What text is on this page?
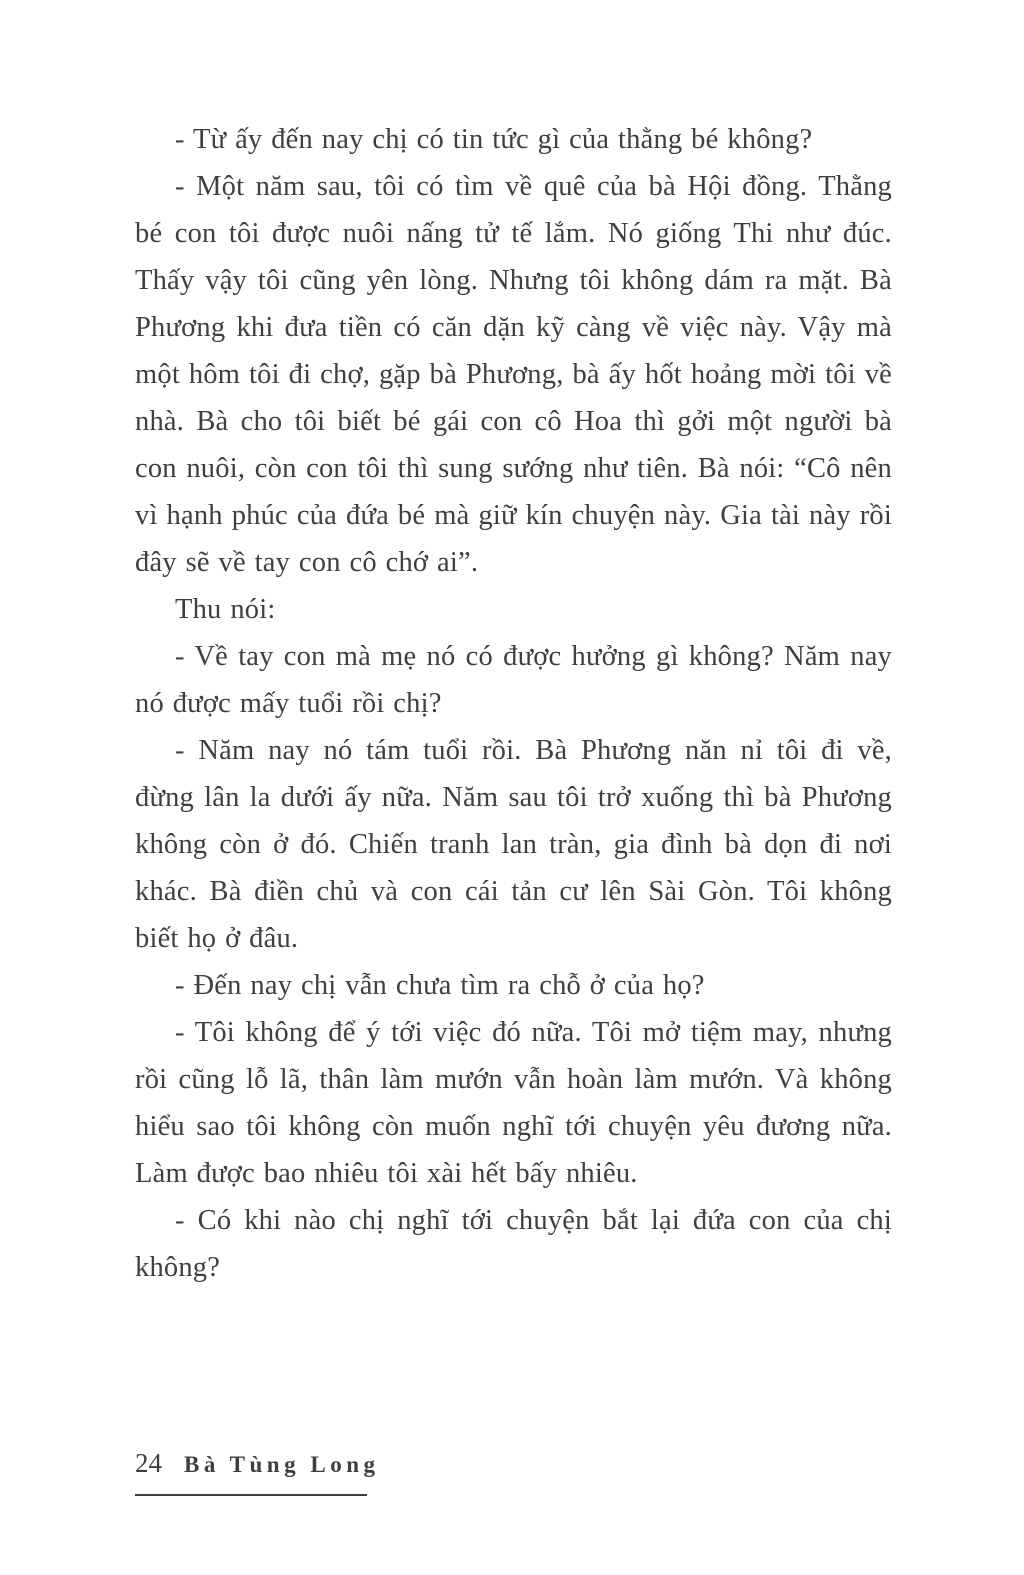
- Từ ấy đến nay chị có tin tức gì của thằng bé không?

- Một năm sau, tôi có tìm về quê của bà Hội đồng. Thằng bé con tôi được nuôi nấng tử tế lắm. Nó giống Thi như đúc. Thấy vậy tôi cũng yên lòng. Nhưng tôi không dám ra mặt. Bà Phương khi đưa tiền có căn dặn kỹ càng về việc này. Vậy mà một hôm tôi đi chợ, gặp bà Phương, bà ấy hốt hoảng mời tôi về nhà. Bà cho tôi biết bé gái con cô Hoa thì gởi một người bà con nuôi, còn con tôi thì sung sướng như tiên. Bà nói: “Cô nên vì hạnh phúc của đứa bé mà giữ kín chuyện này. Gia tài này rồi đây sẽ về tay con cô chớ ai”.

Thu nói:

- Về tay con mà mẹ nó có được hưởng gì không? Năm nay nó được mấy tuổi rồi chị?

- Năm nay nó tám tuổi rồi. Bà Phương năn nỉ tôi đi về, đừng lân la dưới ấy nữa. Năm sau tôi trở xuống thì bà Phương không còn ở đó. Chiến tranh lan tràn, gia đình bà dọn đi nơi khác. Bà điền chủ và con cái tản cư lên Sài Gòn. Tôi không biết họ ở đâu.

- Đến nay chị vẫn chưa tìm ra chỗ ở của họ?

- Tôi không để ý tới việc đó nữa. Tôi mở tiệm may, nhưng rồi cũng lỗ lã, thân làm mướn vẫn hoàn làm mướn. Và không hiểu sao tôi không còn muốn nghĩ tới chuyện yêu đương nữa. Làm được bao nhiêu tôi xài hết bấy nhiêu.

- Có khi nào chị nghĩ tới chuyện bắt lại đứa con của chị không?

24 Bà Tùng Long
